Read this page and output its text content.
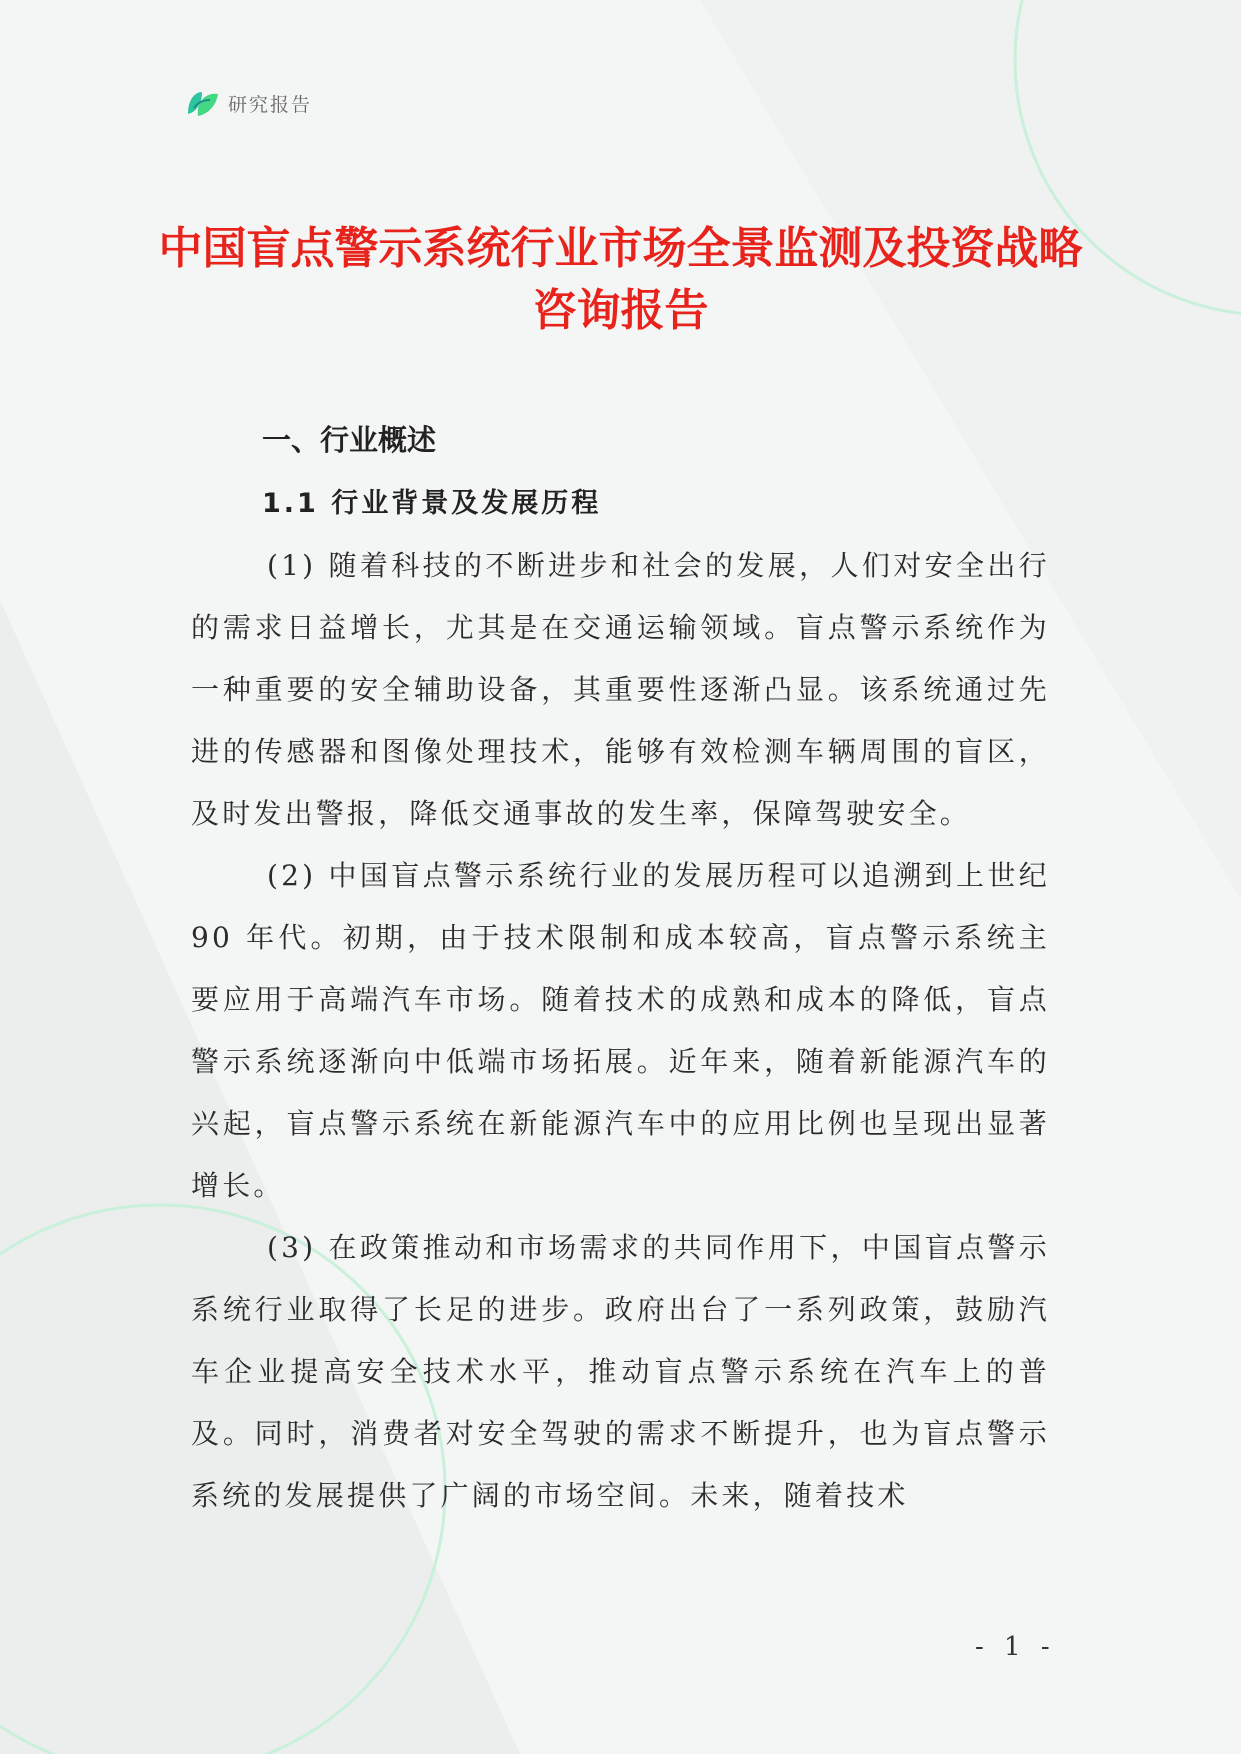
研究报告
中国盲点警示系统行业市场全景监测及投资战略咨询报告
一、行业概述
1.1 行业背景及发展历程

(1) 随着科技的不断进步和社会的发展，人们对安全出行的需求日益增长，尤其是在交通运输领域。盲点警示系统作为一种重要的安全辅助设备，其重要性逐渐凸显。该系统通过先进的传感器和图像处理技术，能够有效检测车辆周围的盲区，及时发出警报，降低交通事故的发生率，保障驾驶安全。

(2) 中国盲点警示系统行业的发展历程可以追溯到上世纪 90 年代。初期，由于技术限制和成本较高，盲点警示系统主要应用于高端汽车市场。随着技术的成熟和成本的降低，盲点警示系统逐渐向中低端市场拓展。近年来，随着新能源汽车的兴起，盲点警示系统在新能源汽车中的应用比例也呈现出显著增长。

(3) 在政策推动和市场需求的共同作用下，中国盲点警示系统行业取得了长足的进步。政府出台了一系列政策，鼓励汽车企业提高安全技术水平，推动盲点警示系统在汽车上的普及。同时，消费者对安全驾驶的需求不断提升，也为盲点警示系统的发展提供了广阔的市场空间。未来，随着技术

- 1 -
